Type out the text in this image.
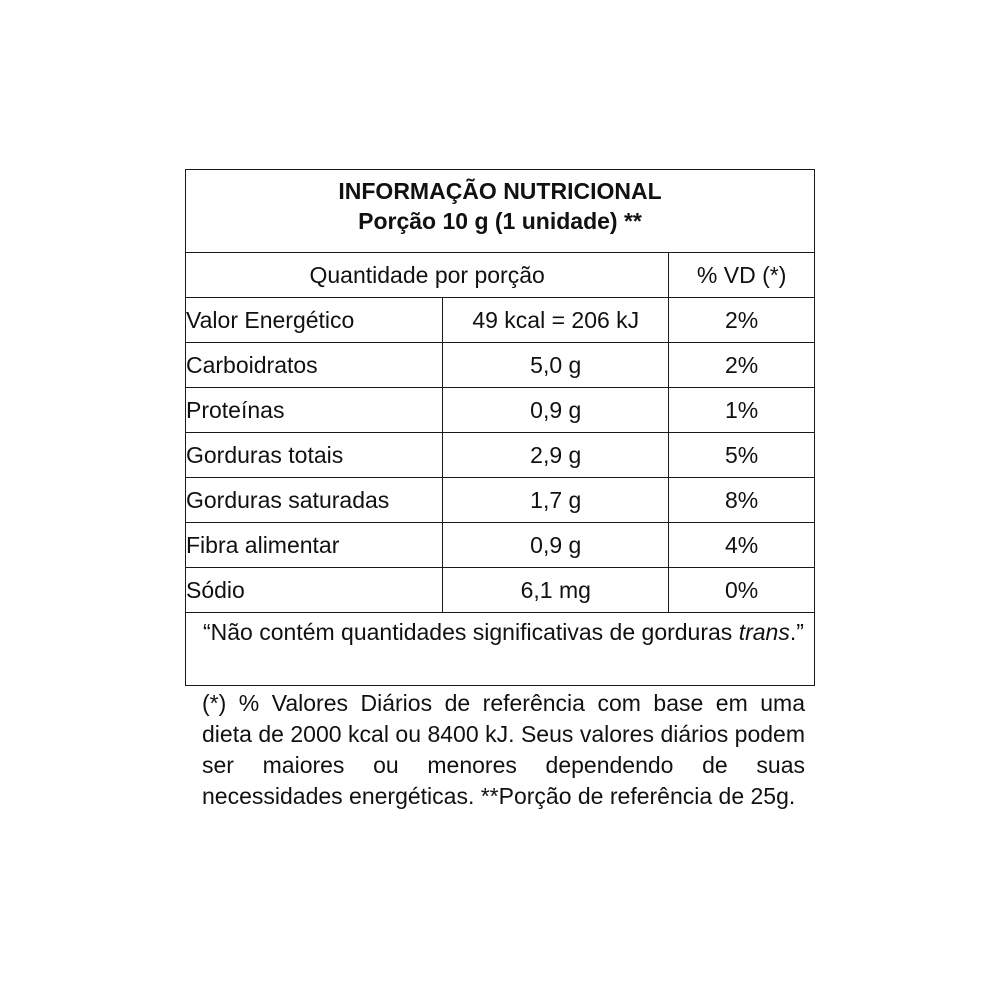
INFORMAÇÃO NUTRICIONAL
Porção 10 g (1 unidade) **		

Quantidade por porção		% VD (*)
Valor Energético	49 kcal = 206 kJ	2%
Carboidratos	5,0 g	2%
Proteínas	0,9 g	1%
Gorduras totais	2,9 g	5%
Gorduras saturadas	1,7 g	8%
Fibra alimentar	0,9 g	4%
Sódio	6,1 mg	0%
“Não contém quantidades significativas de gorduras trans.”		

(*) % Valores Diários de referência com base em uma dieta de 2000 kcal ou 8400 kJ. Seus valores diários podem ser maiores ou menores dependendo de suas necessidades energéticas. **Porção de referência de 25g.
